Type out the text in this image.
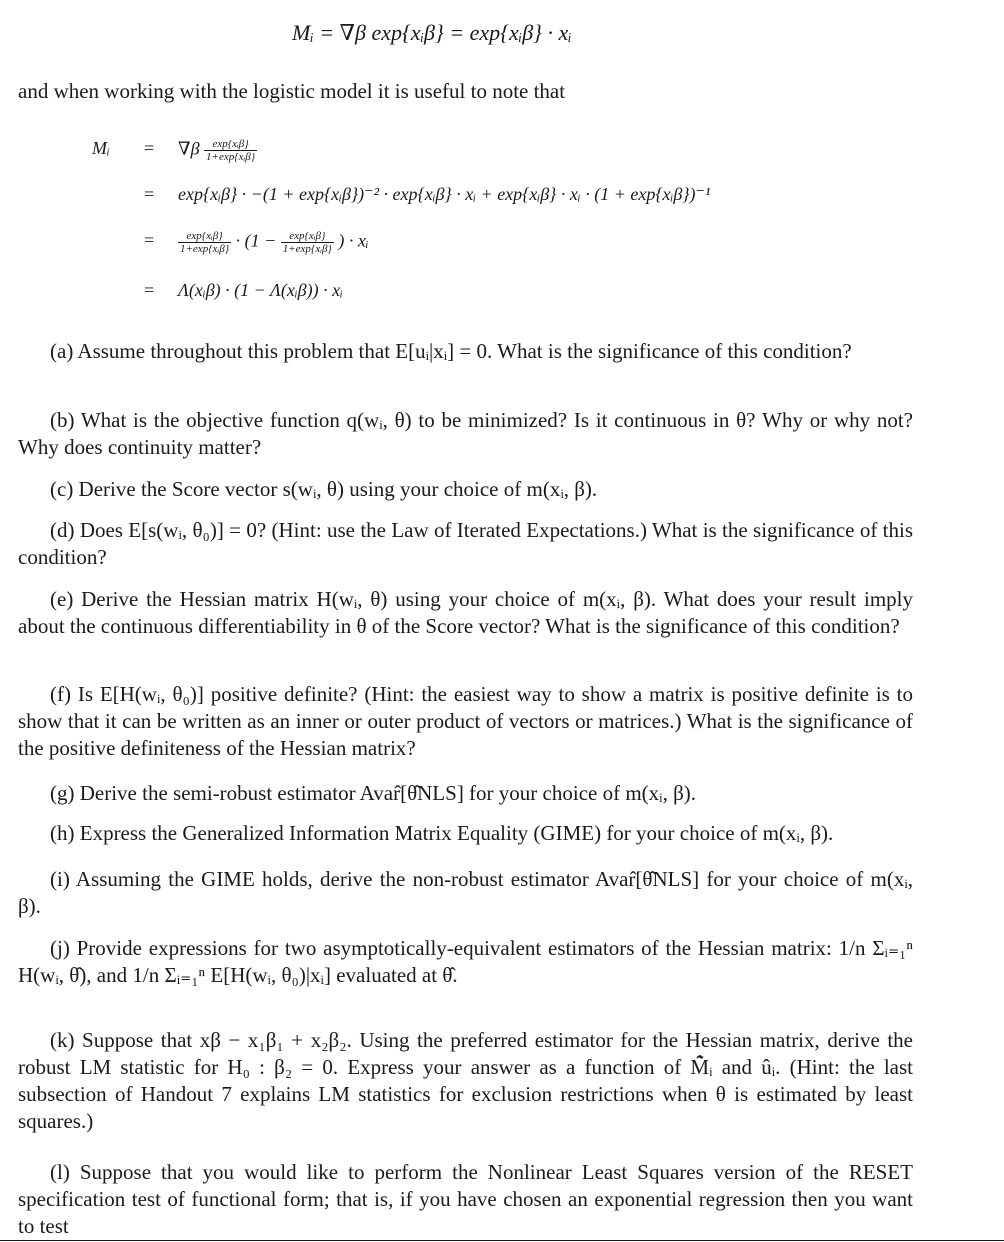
Mᵢ = ∇β exp{xᵢβ} = exp{xᵢβ} · xᵢ
and when working with the logistic model it is useful to note that
Mᵢ	= $\nabla\beta \frac{\text{exp\{xᵢβ\}}}{\text{1+exp\{xᵢβ\}}}$
= exp{xᵢβ} · −(1 + exp{xᵢβ})⁻² · exp{xᵢβ} · xᵢ + exp{xᵢβ} · xᵢ · (1 + exp{xᵢβ})⁻¹
= $\frac{\text{exp\{xᵢβ\}}}{\text{1+exp\{xᵢβ\}}} \cdot (1 - \frac{\text{exp\{xᵢβ\}}}{\text{1+exp\{xᵢβ\}}}$ ) · xᵢ
= Λ(xᵢβ) · (1 − Λ(xᵢβ)) · xᵢ
(a) Assume throughout this problem that E[uᵢ|xᵢ] = 0. What is the significance of this condition?
(b) What is the objective function q(wᵢ, θ) to be minimized? Is it continuous in θ? Why or why not? Why does continuity matter?
(c) Derive the Score vector s(wᵢ, θ) using your choice of m(xᵢ, β).
(d) Does E[s(wᵢ, θ₀)] = 0? (Hint: use the Law of Iterated Expectations.) What is the significance of this condition?
(e) Derive the Hessian matrix H(wᵢ, θ) using your choice of m(xᵢ, β). What does your result imply about the continuous differentiability in θ of the Score vector? What is the significance of this condition?
(f) Is E[H(wᵢ, θ₀)] positive definite? (Hint: the easiest way to show a matrix is positive definite is to show that it can be written as an inner or outer product of vectors or matrices.) What is the significance of the positive definiteness of the Hessian matrix?
(g) Derive the semi-robust estimator Avar̂[θ̂NLS] for your choice of m(xᵢ, β).
(h) Express the Generalized Information Matrix Equality (GIME) for your choice of m(xᵢ, β).
(i) Assuming the GIME holds, derive the non-robust estimator Avar̂[θ̂NLS] for your choice of m(xᵢ, β).
(j) Provide expressions for two asymptotically-equivalent estimators of the Hessian matrix: 1/n Σᵢ₌₁ⁿ H(wᵢ, θ̂), and 1/n Σᵢ₌₁ⁿ E[H(wᵢ, θ₀)|xᵢ] evaluated at θ̂.
(k) Suppose that xβ − x₁β₁ + x₂β₂. Using the preferred estimator for the Hessian matrix, derive the robust LM statistic for H₀ : β₂ = 0. Express your answer as a function of M̂̃ᵢ and ûᵢ. (Hint: the last subsection of Handout 7 explains LM statistics for exclusion restrictions when θ is estimated by least squares.)
(l) Suppose that you would like to perform the Nonlinear Least Squares version of the RESET specification test of functional form; that is, if you have chosen an exponential regression then you want to test
